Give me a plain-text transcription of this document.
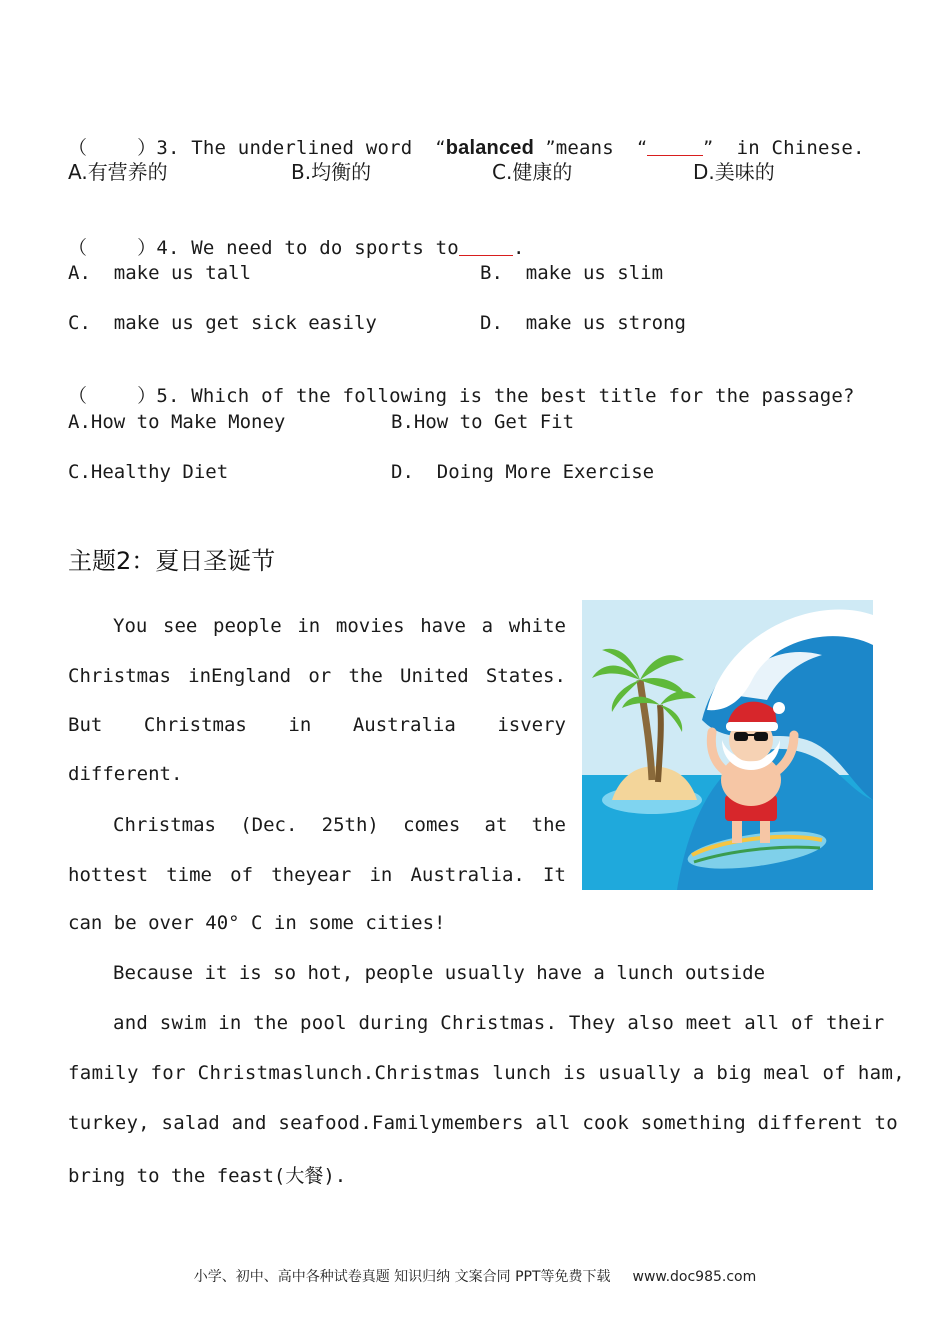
（        ）3. The underlined word “balanced ”means “	” in Chinese.

A.有营养的	B.均衡的	C.健康的	D.美味的

（        ）4. We need to do sports to	.

A.  make us tall	B.  make us slim
C.  make us get sick easily	D.  make us strong

（        ）5. Which of the following is the best title for the passage?

A.How to Make Money	B.How to Get Fit
C.Healthy Diet	D.  Doing More Exercise
主题2：夏日圣诞节
You see people in movies have a white
Christmas inEngland or the United States.
But Christmas in Australia isvery
different.
Christmas (Dec. 25th) comes at the
hottest time of theyear in Australia. It
can be over 40° C in some cities!
Because it is so hot, people usually have a lunch outside
and swim in the pool during Christmas. They also meet all of their
family for Christmaslunch.Christmas lunch is usually a big meal of ham,
turkey, salad and seafood.Familymembers all cook something different to
bring to the feast(大餐).
小学、初中、高中各种试卷真题 知识归纳 文案合同 PPT等免费下载 www.doc985.com
